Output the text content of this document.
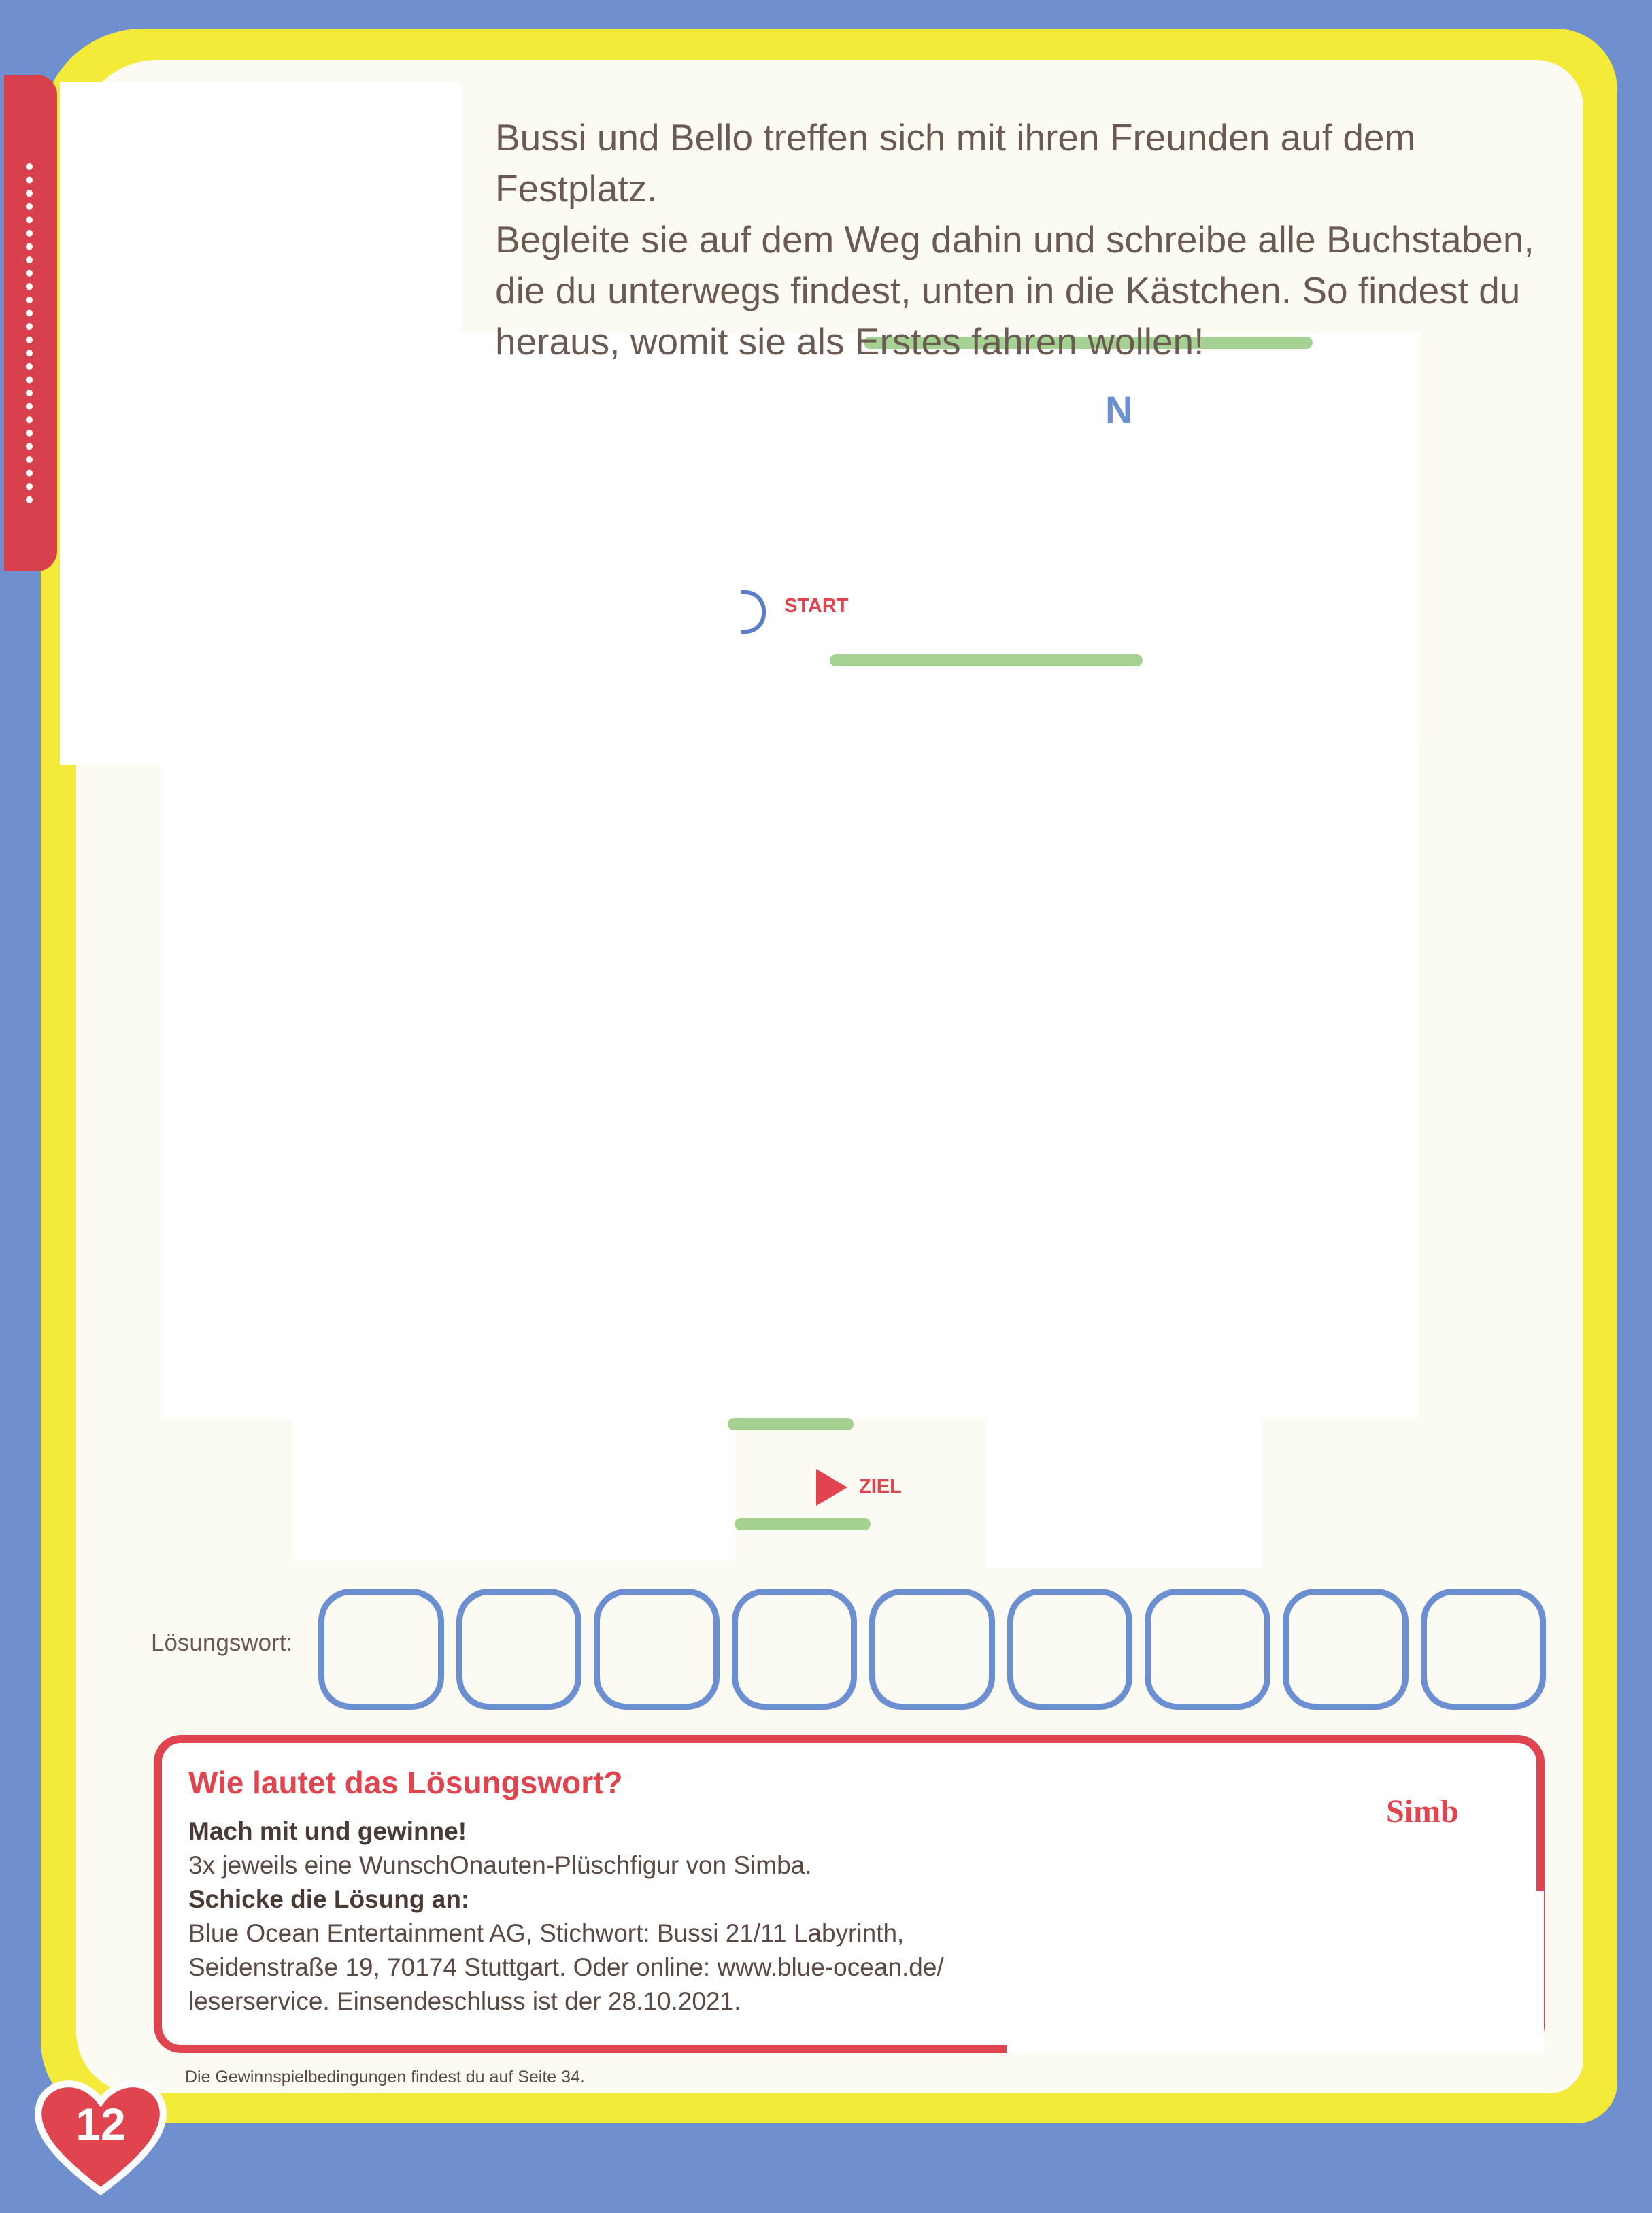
Bussi und Bello treffen sich mit ihren Freunden auf dem Festplatz.
Begleite sie auf dem Weg dahin und schreibe alle Buchstaben,
die du unterwegs findest, unten in die Kästchen. So findest du
heraus, womit sie als Erstes fahren wollen!
N
START
ZIEL
Lösungswort:
Wie lautet das Lösungswort?
Mach mit und gewinne!
3x jeweils eine WunschOnauten-Plüschfigur von Simba.
Schicke die Lösung an:
Blue Ocean Entertainment AG, Stichwort: Bussi 21/11 Labyrinth,
Seidenstraße 19, 70174 Stuttgart. Oder online: www.blue-ocean.de/
leserservice. Einsendeschluss ist der 28.10.2021.
Simb
Die Gewinnspielbedingungen findest du auf Seite 34.
12
